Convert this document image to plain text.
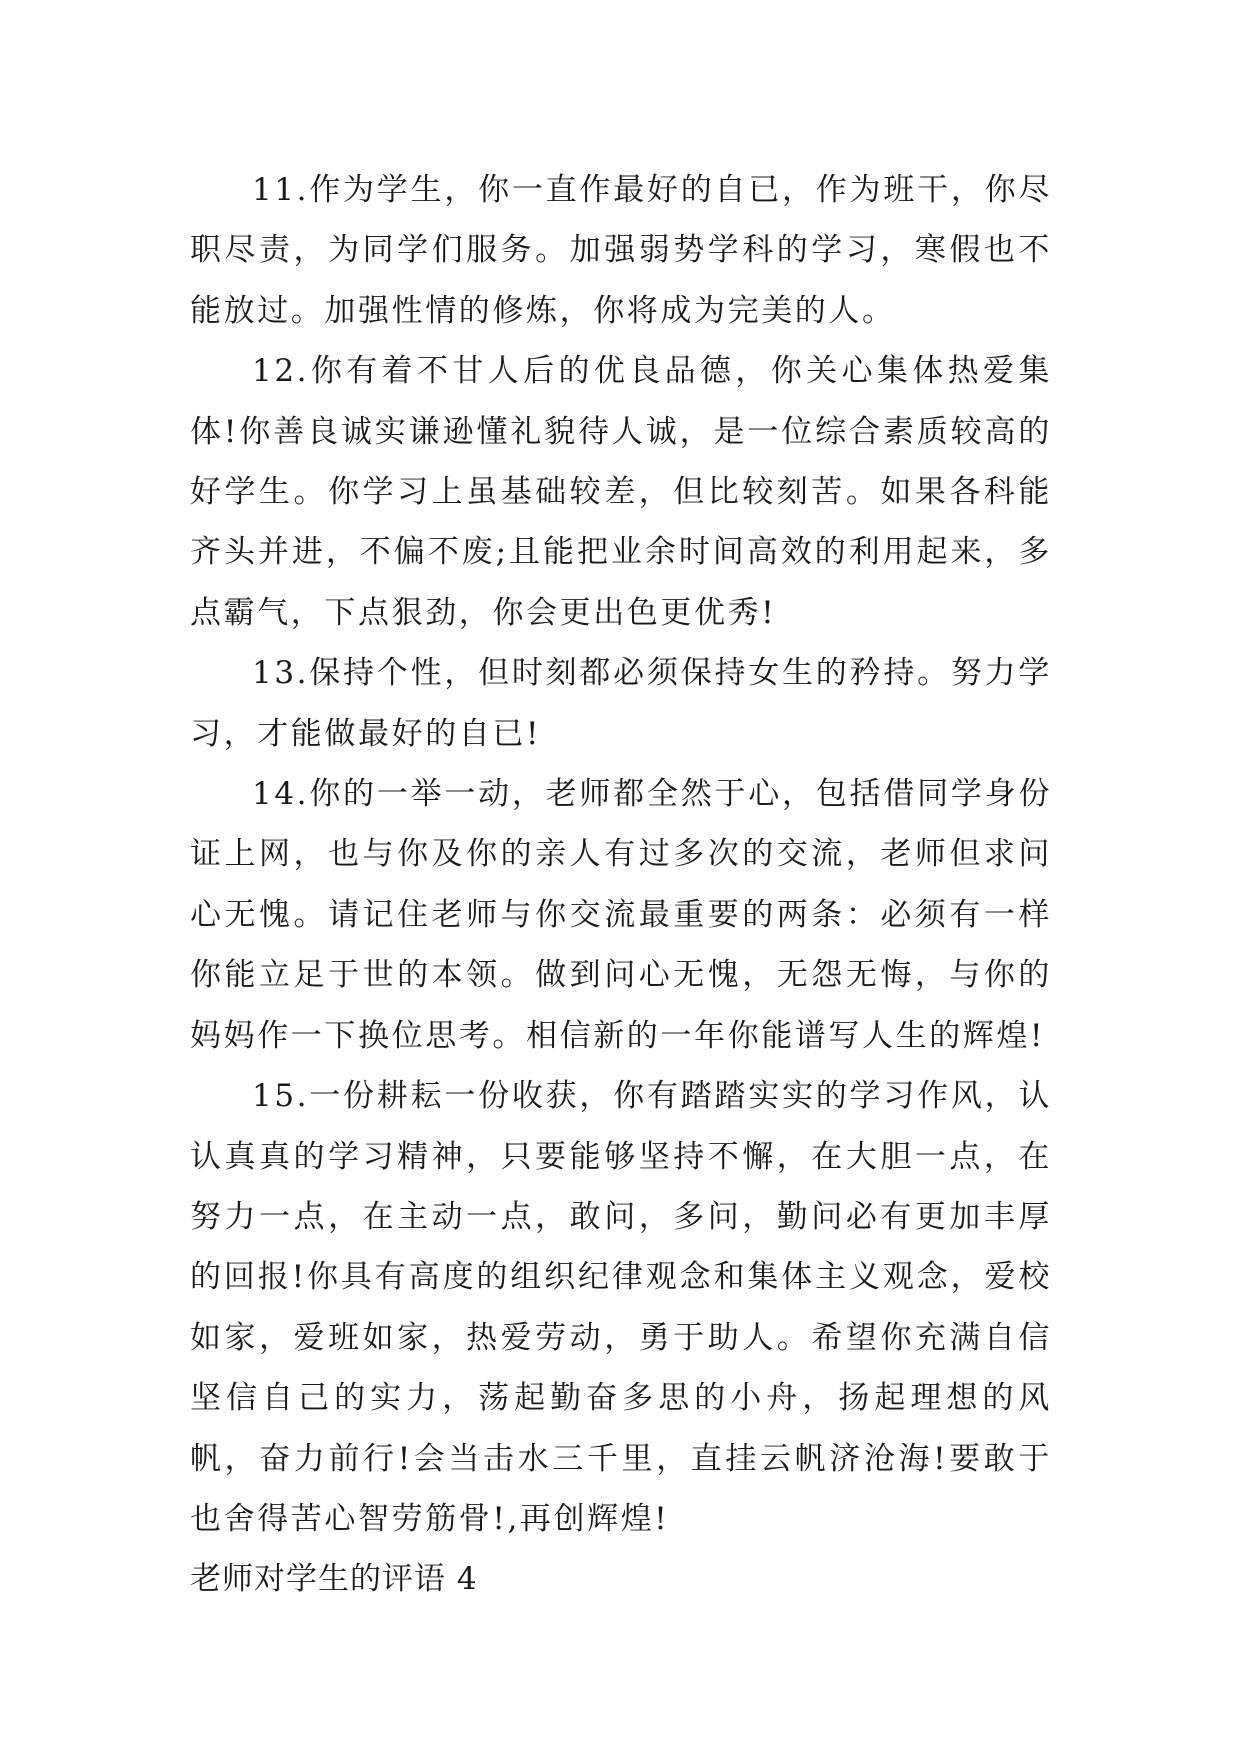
11.作为学生，你一直作最好的自已，作为班干，你尽职尽责，为同学们服务。加强弱势学科的学习，寒假也不能放过。加强性情的修炼，你将成为完美的人。

12.你有着不甘人后的优良品德，你关心集体热爱集体!你善良诚实谦逊懂礼貌待人诚，是一位综合素质较高的好学生。你学习上虽基础较差，但比较刻苦。如果各科能齐头并进，不偏不废;且能把业余时间高效的利用起来，多点霸气，下点狠劲，你会更出色更优秀!

13.保持个性，但时刻都必须保持女生的矜持。努力学习，才能做最好的自已!

14.你的一举一动，老师都全然于心，包括借同学身份证上网，也与你及你的亲人有过多次的交流，老师但求问心无愧。请记住老师与你交流最重要的两条：必须有一样你能立足于世的本领。做到问心无愧，无怨无悔，与你的妈妈作一下换位思考。相信新的一年你能谱写人生的辉煌!

15.一份耕耘一份收获，你有踏踏实实的学习作风，认认真真的学习精神，只要能够坚持不懈，在大胆一点，在努力一点，在主动一点，敢问，多问，勤问必有更加丰厚的回报!你具有高度的组织纪律观念和集体主义观念，爱校如家，爱班如家，热爱劳动，勇于助人。希望你充满自信坚信自己的实力，荡起勤奋多思的小舟，扬起理想的风帆，奋力前行!会当击水三千里，直挂云帆济沧海!要敢于也舍得苦心智劳筋骨!,再创辉煌!

老师对学生的评语 4
